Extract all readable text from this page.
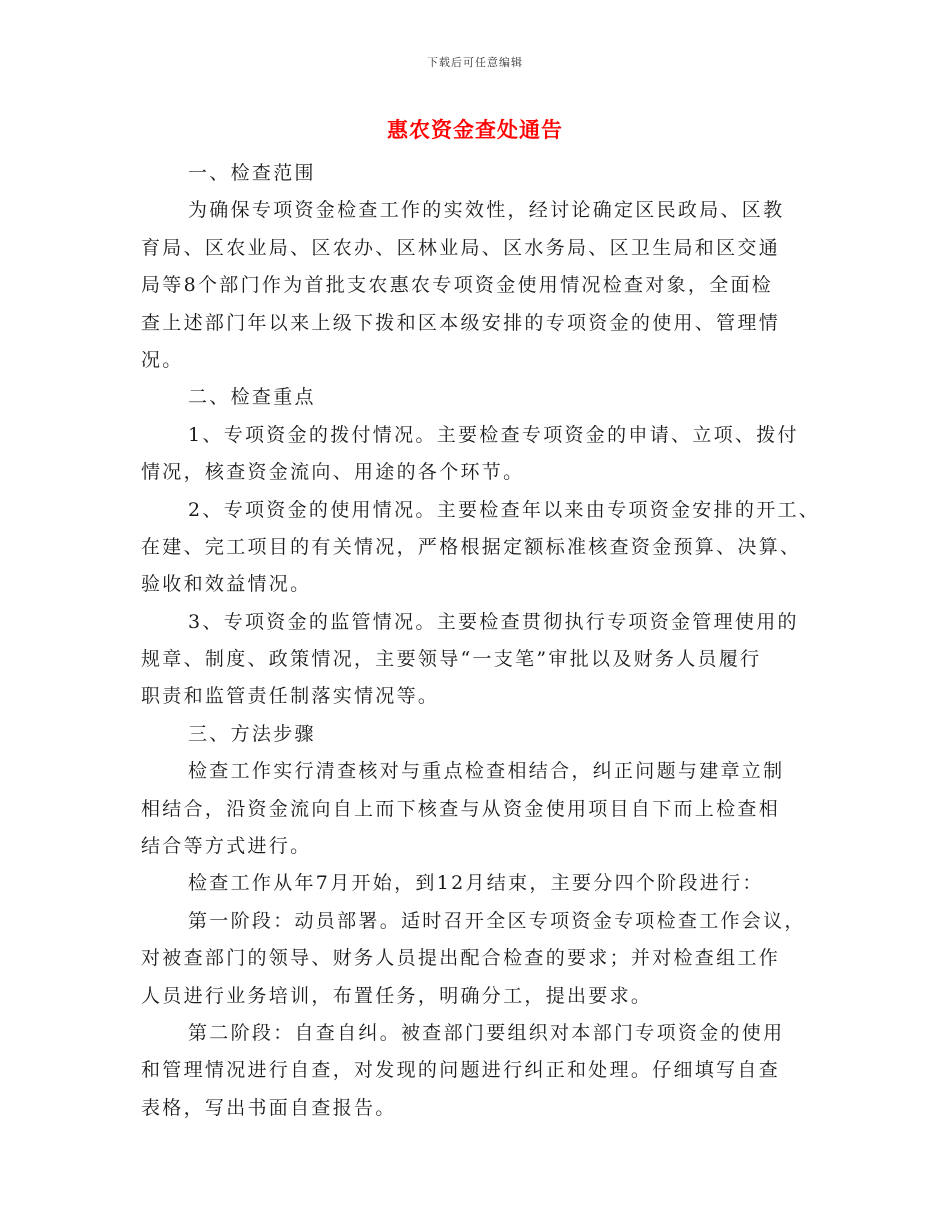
下载后可任意编辑
惠农资金查处通告
一、检查范围
为确保专项资金检查工作的实效性，经讨论确定区民政局、区教
育局、区农业局、区农办、区林业局、区水务局、区卫生局和区交通
局等8个部门作为首批支农惠农专项资金使用情况检查对象，全面检
查上述部门年以来上级下拨和区本级安排的专项资金的使用、管理情
况。
二、检查重点
1、专项资金的拨付情况。主要检查专项资金的申请、立项、拨付
情况，核查资金流向、用途的各个环节。
2、专项资金的使用情况。主要检查年以来由专项资金安排的开工、
在建、完工项目的有关情况，严格根据定额标准核查资金预算、决算、
验收和效益情况。
3、专项资金的监管情况。主要检查贯彻执行专项资金管理使用的
规章、制度、政策情况，主要领导“一支笔”审批以及财务人员履行
职责和监管责任制落实情况等。
三、方法步骤
检查工作实行清查核对与重点检查相结合，纠正问题与建章立制
相结合，沿资金流向自上而下核查与从资金使用项目自下而上检查相
结合等方式进行。
检查工作从年7月开始，到12月结束，主要分四个阶段进行：
第一阶段：动员部署。适时召开全区专项资金专项检查工作会议，
对被查部门的领导、财务人员提出配合检查的要求；并对检查组工作
人员进行业务培训，布置任务，明确分工，提出要求。
第二阶段：自查自纠。被查部门要组织对本部门专项资金的使用
和管理情况进行自查，对发现的问题进行纠正和处理。仔细填写自查
表格，写出书面自查报告。
